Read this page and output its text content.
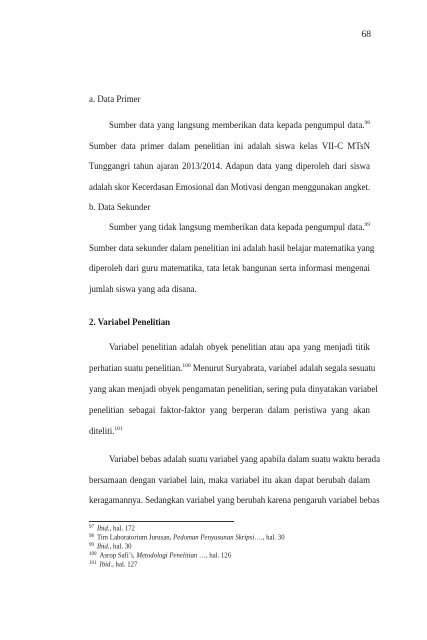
68
a. Data Primer
Sumber data yang langsung memberikan data kepada pengumpul data.$^{98}$
Sumber data primer dalam penelitian ini adalah siswa kelas VII-C MTsN
Tunggangri tahun ajaran 2013/2014. Adapun data yang diperoleh dari siswa
adalah skor Kecerdasan Emosional dan Motivasi dengan menggunakan angket.
b. Data Sekunder
Sumber yang tidak langsung memberikan data kepada pengumpul data.$^{99}$
Sumber data sekunder dalam penelitian ini adalah hasil belajar matematika yang
diperoleh dari guru matematika, tata letak bangunan serta informasi mengenai
jumlah siswa yang ada disana.
2. Variabel Penelitian
Variabel penelitian adalah obyek penelitian atau apa yang menjadi titik
perhatian suatu penelitian.$^{100}$ Menurut Suryabrata, variabel adalah segala sesuatu
yang akan menjadi obyek pengamatan penelitian, sering pula dinyatakan variabel
penelitian sebagai faktor-faktor yang berperan dalam peristiwa yang akan
diteliti.$^{101}$
Variabel bebas adalah suatu variabel yang apabila dalam suatu waktu berada
bersamaan dengan variabel lain, maka variabel itu akan dapat berubah dalam
keragamannya. Sedangkan variabel yang berubah karena pengaruh variabel bebas
$^{97}$ Ibid., hal. 172
$^{98}$ Tim Laboratorium Jurusan, Pedoman Penyusunan Skripsi…., hal. 30
$^{99}$ Ibid., hal. 30
$^{100}$ Asrop Safi’i, Metodologi Penelitian …, hal. 126
$^{101}$ Ibid., hal. 127
